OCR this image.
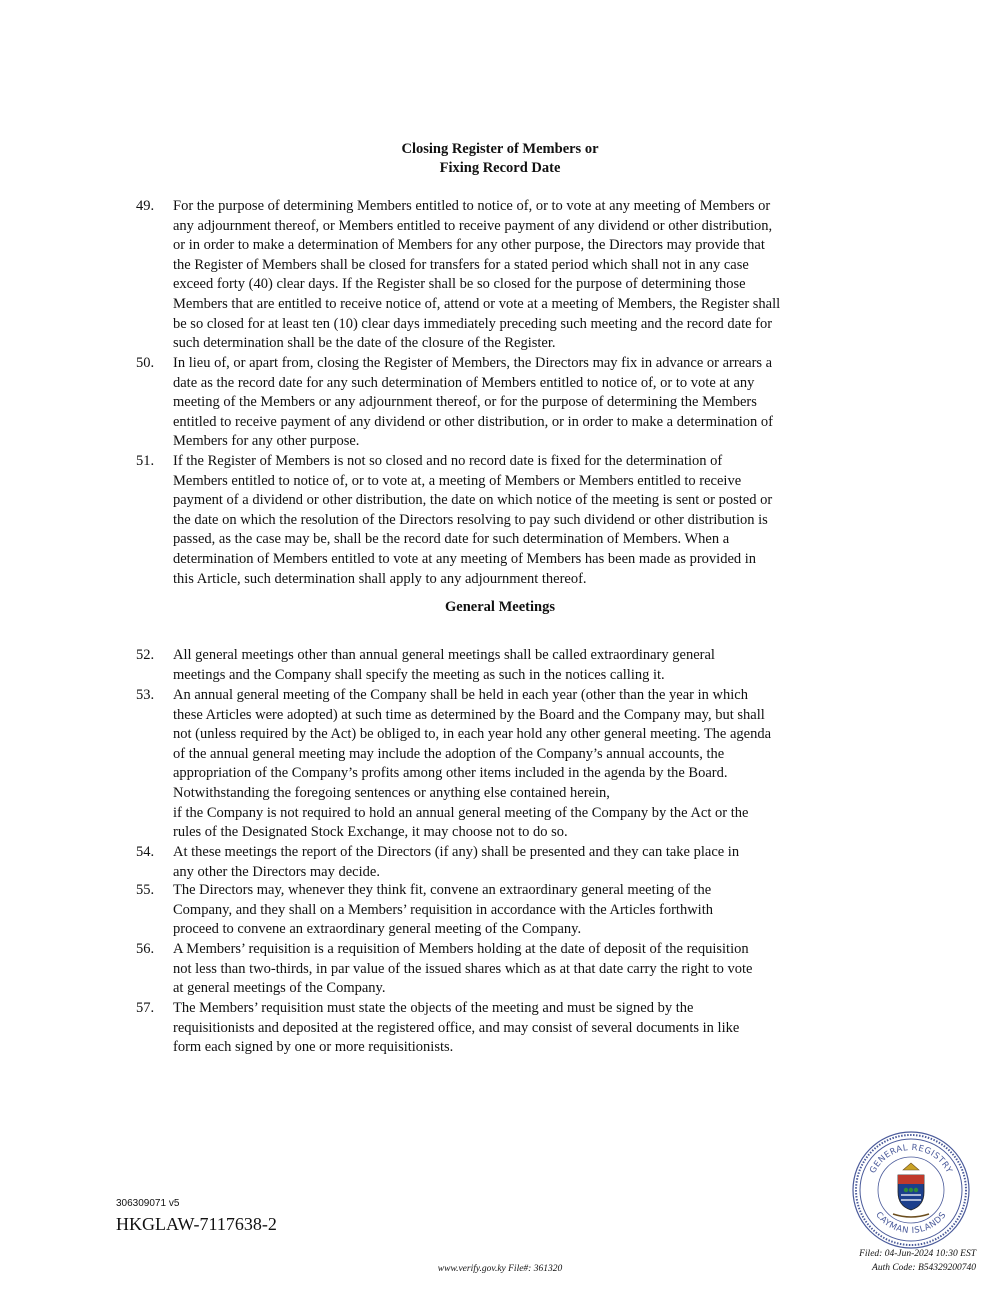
Closing Register of Members or
Fixing Record Date
49. For the purpose of determining Members entitled to notice of, or to vote at any meeting of Members or
any adjournment thereof, or Members entitled to receive payment of any dividend or other distribution,
or in order to make a determination of Members for any other purpose, the Directors may provide that
the Register of Members shall be closed for transfers for a stated period which shall not in any case
exceed forty (40) clear days. If the Register shall be so closed for the purpose of determining those
Members that are entitled to receive notice of, attend or vote at a meeting of Members, the Register shall
be so closed for at least ten (10) clear days immediately preceding such meeting and the record date for
such determination shall be the date of the closure of the Register.
50. In lieu of, or apart from, closing the Register of Members, the Directors may fix in advance or arrears a
date as the record date for any such determination of Members entitled to notice of, or to vote at any
meeting of the Members or any adjournment thereof, or for the purpose of determining the Members
entitled to receive payment of any dividend or other distribution, or in order to make a determination of
Members for any other purpose.
51. If the Register of Members is not so closed and no record date is fixed for the determination of
Members entitled to notice of, or to vote at, a meeting of Members or Members entitled to receive
payment of a dividend or other distribution, the date on which notice of the meeting is sent or posted or
the date on which the resolution of the Directors resolving to pay such dividend or other distribution is
passed, as the case may be, shall be the record date for such determination of Members. When a
determination of Members entitled to vote at any meeting of Members has been made as provided in
this Article, such determination shall apply to any adjournment thereof.
General Meetings
52. All general meetings other than annual general meetings shall be called extraordinary general
meetings and the Company shall specify the meeting as such in the notices calling it.
53. An annual general meeting of the Company shall be held in each year (other than the year in which
these Articles were adopted) at such time as determined by the Board and the Company may, but shall
not (unless required by the Act) be obliged to, in each year hold any other general meeting. The agenda
of the annual general meeting may include the adoption of the Company’s annual accounts, the
appropriation of the Company’s profits among other items included in the agenda by the Board.
Notwithstanding the foregoing sentences or anything else contained herein,
if the Company is not required to hold an annual general meeting of the Company by the Act or the
rules of the Designated Stock Exchange, it may choose not to do so.
54. At these meetings the report of the Directors (if any) shall be presented and they can take place in
any other the Directors may decide.
55. The Directors may, whenever they think fit, convene an extraordinary general meeting of the
Company, and they shall on a Members’ requisition in accordance with the Articles forthwith
proceed to convene an extraordinary general meeting of the Company.
56. A Members’ requisition is a requisition of Members holding at the date of deposit of the requisition
not less than two-thirds, in par value of the issued shares which as at that date carry the right to vote
at general meetings of the Company.
57. The Members’ requisition must state the objects of the meeting and must be signed by the
requisitionists and deposited at the registered office, and may consist of several documents in like
form each signed by one or more requisitionists.
306309071 v5
HKGLAW-7117638-2
www.verify.gov.ky File#: 361320
Filed: 04-Jun-2024 10:30 EST
Auth Code: B54329200740
GENERAL REGISTRY
CAYMAN ISLANDS
